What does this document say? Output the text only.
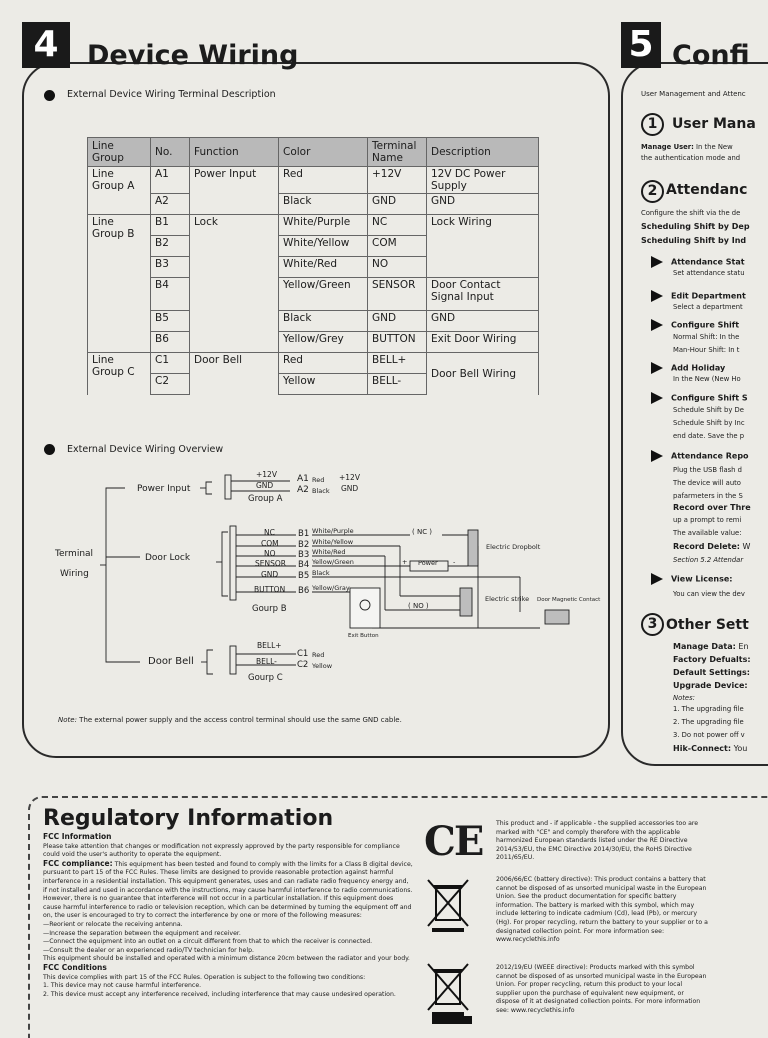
4	Device Wiring
External Device Wiring Terminal Description
Line Group	No.	Function	Color	Terminal Name	Description
Line Group A	A1	Power Input	Red	+12V	12V DC Power Supply
	A2		Black	GND	GND
Line Group B	B1	Lock	White/Purple	NC	Lock Wiring
	B2		White/Yellow	COM	
	B3		White/Red	NO	
	B4		Yellow/Green	SENSOR	Door Contact Signal Input
	B5		Black	GND	GND
	B6		Yellow/Grey	BUTTON	Exit Door Wiring
Line Group C	C1	Door Bell	Red	BELL+	Door Bell Wiring
	C2		Yellow	BELL-	
External Device Wiring Overview
Terminal
Wiring
Power Input
Door Lock
Door Bell
+12V
GND
Group A
A1
A2
Red
Black
+12V
GND
NC
COM
NO
SENSOR
GND
BUTTON
Gourp B
B1
B2
B3
B4
B5
B6
White/Purple
White/Yellow
White/Red
Yellow/Green
Black
Yellow/Gray
( NC )
Power
+	-
( NO )
Electric Dropbolt
Electric strike Door Magnetic Contact
Exit Button
BELL+
BELL-
Gourp C
C1
C2
Red
Yellow
Note: The external power supply and the access control terminal should use the same GND cable.
5 Confi
User Management and Attenc
1	User Mana
Manage User: In the New
the authentication mode and
2 Attendanc
Configure the shift via the de
Scheduling Shift by Dep
Scheduling Shift by Ind
Attendance Stat
Set attendance statu
Edit Department
Select a department
Configure Shift
Normal Shift: In the
Man-Hour Shift: In t
Add Holiday
In the New (New Ho
Configure Shift S
Schedule Shift by De
Schedule Shift by Inc
end date. Save the p
Attendance Repo
Plug the USB flash d
The device will auto
pafarmeters in the S
Record over Thre
up a prompt to remi
The available value:
Record Delete: W
Section 5.2 Attendar
View License:
You can view the dev
3 Other Sett
Manage Data: En
Factory Defualts:
Default Settings:
Upgrade Device:
Notes:
1. The upgrading file
2. The upgrading file
3. Do not power off v
Hik-Connect: You
Regulatory Information

FCC Information

Please take attention that changes or modification not expressly approved by the party responsible for compliance could void the user's authority to operate the equipment.

FCC compliance: This equipment has been tested and found to comply with the limits for a Class B digital device, pursuant to part 15 of the FCC Rules. These limits are designed to provide reasonable protection against harmful interference in a residential installation. This equipment generates, uses and can radiate radio frequency energy and, if not installed and used in accordance with the instructions, may cause harmful interference to radio communications. However, there is no guarantee that interference will not occur in a particular installation. If this equipment does cause harmful interference to radio or television reception, which can be determined by turning the equipment off and on, the user is encouraged to try to correct the interference by one or more of the following measures:

—Reorient or relocate the receiving antenna.

—Increase the separation between the equipment and receiver.

—Connect the equipment into an outlet on a circuit different from that to which the receiver is connected.

—Consult the dealer or an experienced radio/TV technician for help.

This equipment should be installed and operated with a minimum distance 20cm between the radiator and your body.

FCC Conditions

This device complies with part 15 of the FCC Rules. Operation is subject to the following two conditions:

1. This device may not cause harmful interference.

2. This device must accept any interference received, including interference that may cause undesired operation.

CE This product and - if applicable - the supplied accessories too are marked with "CE" and comply therefore with the applicable harmonized European standards listed under the RE Directive 2014/53/EU, the EMC Directive 2014/30/EU, the RoHS Directive 2011/65/EU.
2006/66/EC (battery directive): This product contains a battery that cannot be disposed of as unsorted municipal waste in the European Union. See the product documentation for specific battery information. The battery is marked with this symbol, which may include lettering to indicate cadmium (Cd), lead (Pb), or mercury (Hg). For proper recycling, return the battery to your supplier or to a designated collection point. For more information see: www.recyclethis.info
2012/19/EU (WEEE directive): Products marked with this symbol cannot be disposed of as unsorted municipal waste in the European Union. For proper recycling, return this product to your local supplier upon the purchase of equivalent new equipment, or dispose of it at designated collection points. For more information see: www.recyclethis.info
